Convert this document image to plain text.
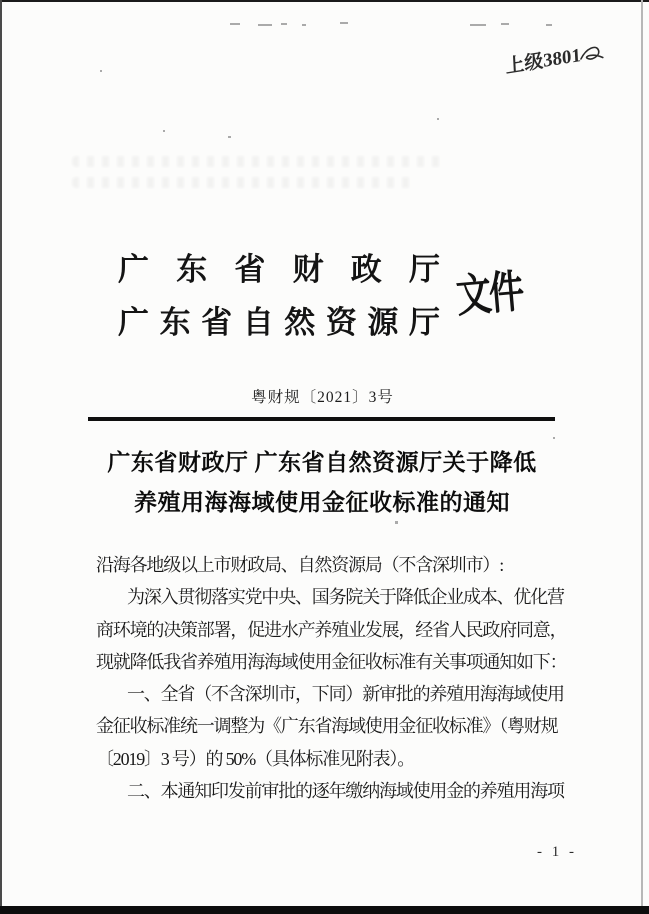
上级3801
广 东 省 财 政 厅
广 东 省 自 然 资 源 厅
文件
粤财规〔2021〕3号
广东省财政厅 广东省自然资源厅关于降低
养殖用海海域使用金征收标准的通知
沿海各地级以上市财政局、自然资源局（不含深圳市）:
为深入贯彻落实党中央、国务院关于降低企业成本、优化营
商环境的决策部署，促进水产养殖业发展，经省人民政府同意，
现就降低我省养殖用海海域使用金征收标准有关事项通知如下：
一、全省（不含深圳市，下同）新审批的养殖用海海域使用
金征收标准统一调整为《广东省海域使用金征收标准》（粤财规
〔2019〕3 号）的 50%（具体标准见附表）。
二、本通知印发前审批的逐年缴纳海域使用金的养殖用海项
- 1 -
